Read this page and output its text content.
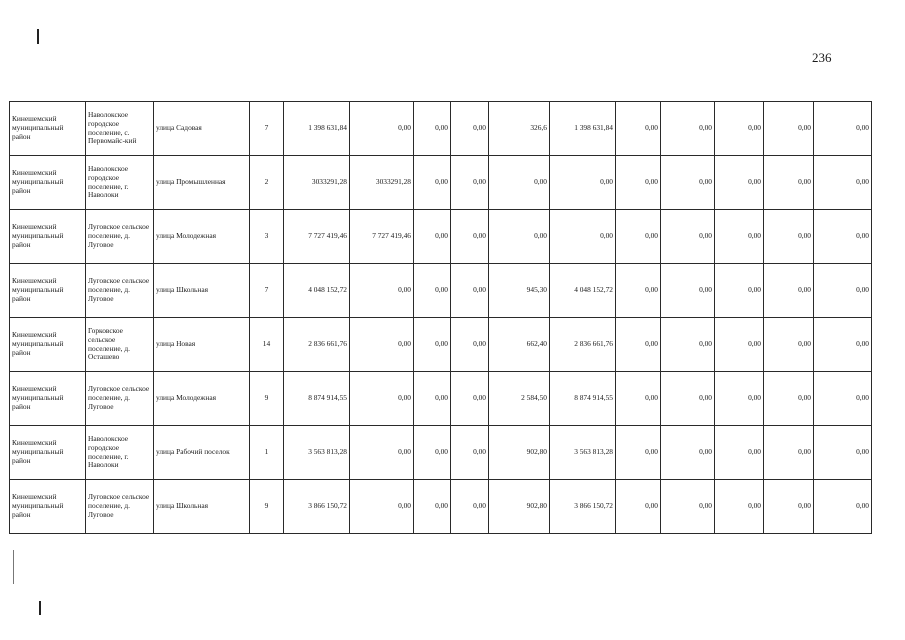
236
Кинешемский муниципальный район	Наволокское городское поселение, с. Первомайс-кий	улица Садовая	7	1 398 631,84	0,00	0,00	0,00	326,6	1 398 631,84	0,00	0,00	0,00	0,00	0,00
Кинешемский муниципальный район	Наволокское городское поселение, г. Наволоки	улица Промышленная	2	3033291,28	3033291,28	0,00	0,00	0,00	0,00	0,00	0,00	0,00	0,00	0,00
Кинешемский муниципальный район	Луговское сельское поселение, д. Луговое	улица Молодежная	3	7 727 419,46	7 727 419,46	0,00	0,00	0,00	0,00	0,00	0,00	0,00	0,00	0,00
Кинешемский муниципальный район	Луговское сельское поселение, д. Луговое	улица Школьная	7	4 048 152,72	0,00	0,00	0,00	945,30	4 048 152,72	0,00	0,00	0,00	0,00	0,00
Кинешемский муниципальный район	Горковское сельское поселение, д. Осташево	улица Новая	14	2 836 661,76	0,00	0,00	0,00	662,40	2 836 661,76	0,00	0,00	0,00	0,00	0,00
Кинешемский муниципальный район	Луговское сельское поселение, д. Луговое	улица Молодежная	9	8 874 914,55	0,00	0,00	0,00	2 584,50	8 874 914,55	0,00	0,00	0,00	0,00	0,00
Кинешемский муниципальный район	Наволокское городское поселение, г. Наволоки	улица Рабочий поселок	1	3 563 813,28	0,00	0,00	0,00	902,80	3 563 813,28	0,00	0,00	0,00	0,00	0,00
Кинешемский муниципальный район	Луговское сельское поселение, д. Луговое	улица Школьная	9	3 866 150,72	0,00	0,00	0,00	902,80	3 866 150,72	0,00	0,00	0,00	0,00	0,00
